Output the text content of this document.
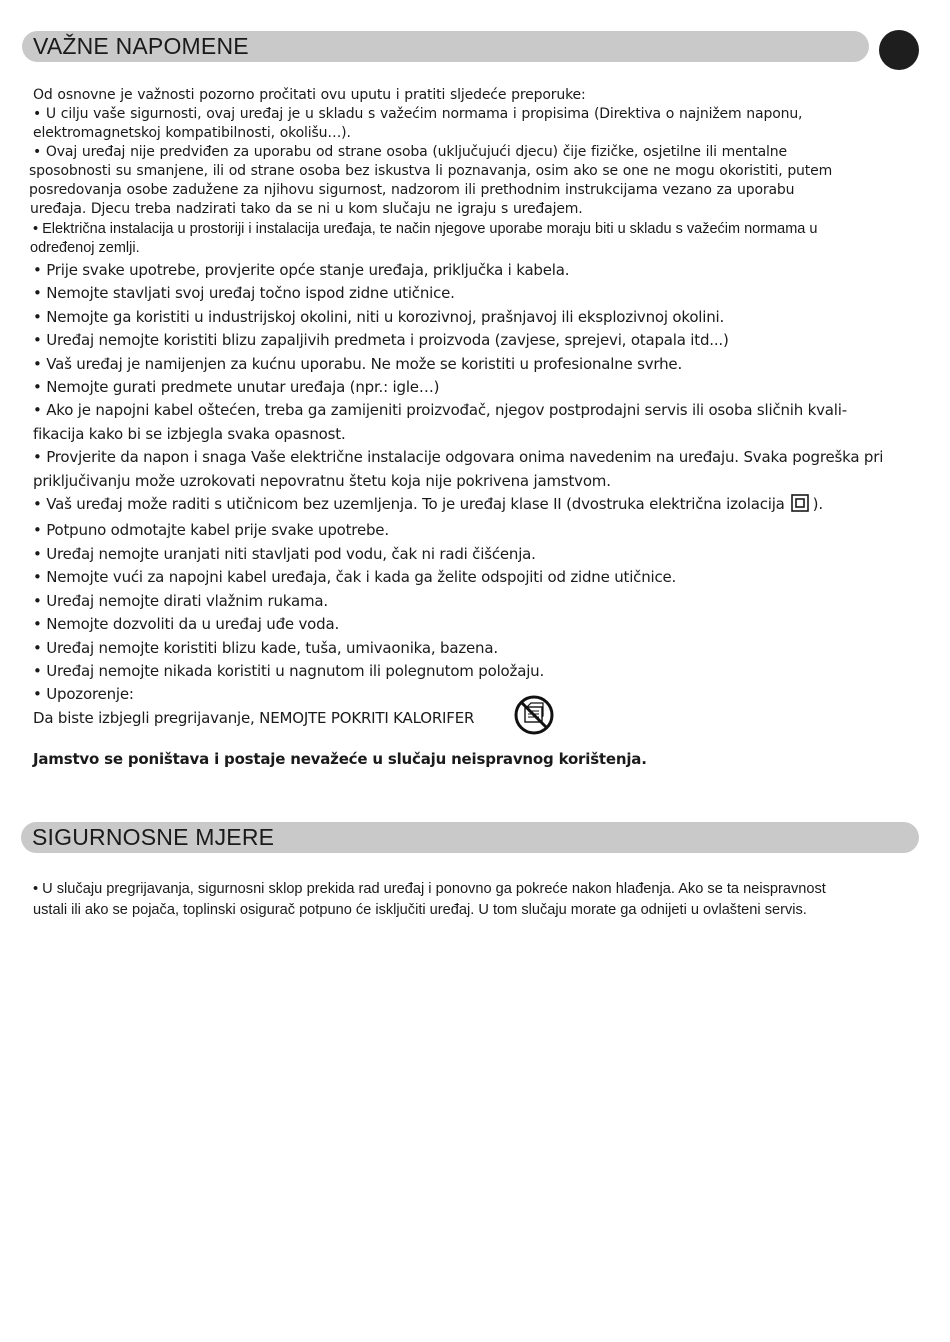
VAŽNE NAPOMENE
Od osnovne je važnosti pozorno pročitati ovu uputu i pratiti sljedeće preporuke:
• U cilju vaše sigurnosti, ovaj uređaj je u skladu s važećim normama i propisima (Direktiva o najnižem naponu,
elektromagnetskoj kompatibilnosti, okolišu…).
• Ovaj uređaj nije predviđen za uporabu od strane osoba (uključujući djecu) čije fizičke, osjetilne ili mentalne
sposobnosti su smanjene, ili od strane osoba bez iskustva li poznavanja, osim ako se one ne mogu okoristiti, putem
posredovanja osobe zadužene za njihovu sigurnost, nadzorom ili prethodnim instrukcijama vezano za uporabu
uređaja. Djecu treba nadzirati tako da se ni u kom slučaju ne igraju s uređajem.
• Električna instalacija u prostoriji i instalacija uređaja, te način njegove uporabe moraju biti u skladu s važećim normama u
određenoj zemlji.
• Prije svake upotrebe, provjerite opće stanje uređaja, priključka i kabela.
• Nemojte stavljati svoj uređaj točno ispod zidne utičnice.
• Nemojte ga koristiti u industrijskoj okolini, niti u korozivnoj, prašnjavoj ili eksplozivnoj okolini.
• Uređaj nemojte koristiti blizu zapaljivih predmeta i proizvoda (zavjese, sprejevi, otapala itd...)
• Vaš uređaj je namijenjen za kućnu uporabu. Ne može se koristiti u profesionalne svrhe.
• Nemojte gurati predmete unutar uređaja (npr.: igle…)
• Ako je napojni kabel oštećen, treba ga zamijeniti proizvođač, njegov postprodajni servis ili osoba sličnih kvali-
fikacija kako bi se izbjegla svaka opasnost.
• Provjerite da napon i snaga Vaše električne instalacije odgovara onima navedenim na uređaju. Svaka pogreška pri
priključivanju može uzrokovati nepovratnu štetu koja nije pokrivena jamstvom.
• Vaš uređaj može raditi s utičnicom bez uzemljenja. To je uređaj klase II (dvostruka električna izolacija ).
• Potpuno odmotajte kabel prije svake upotrebe.
• Uređaj nemojte uranjati niti stavljati pod vodu, čak ni radi čišćenja.
• Nemojte vući za napojni kabel uređaja, čak i kada ga želite odspojiti od zidne utičnice.
• Uređaj nemojte dirati vlažnim rukama.
• Nemojte dozvoliti da u uređaj uđe voda.
• Uređaj nemojte koristiti blizu kade, tuša, umivaonika, bazena.
• Uređaj nemojte nikada koristiti u nagnutom ili polegnutom položaju.
• Upozorenje:
Da biste izbjegli pregrijavanje, NEMOJTE POKRITI KALORIFER
Jamstvo se poništava i postaje nevažeće u slučaju neispravnog korištenja.
SIGURNOSNE MJERE
• U slučaju pregrijavanja, sigurnosni sklop prekida rad uređaj i ponovno ga pokreće nakon hlađenja. Ako se ta neispravnost
ustali ili ako se pojača, toplinski osigurač potpuno će isključiti uređaj. U tom slučaju morate ga odnijeti u ovlašteni servis.
